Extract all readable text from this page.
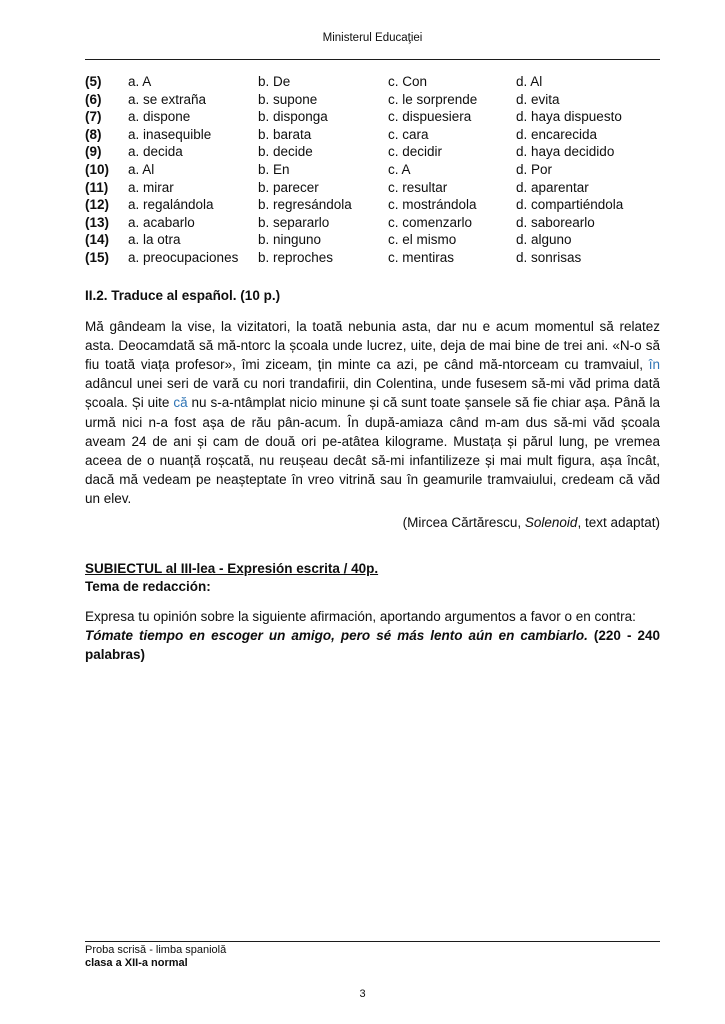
Ministerul Educaţiei
(5)	a. A	b. De	c. Con	d. Al
(6)	a. se extraña	b. supone	c. le sorprende	d. evita
(7)	a. dispone	b. disponga	c. dispuesiera	d. haya dispuesto
(8)	a. inasequible	b. barata	c. cara	d. encarecida
(9)	a. decida	b. decide	c. decidir	d. haya decidido
(10)	a. Al	b. En	c. A	d. Por
(11)	a. mirar	b. parecer	c. resultar	d. aparentar
(12)	a. regalándola	b. regresándola	c. mostrándola	d. compartiéndola
(13)	a. acabarlo	b. separarlo	c. comenzarlo	d. saborearlo
(14)	a. la otra	b. ninguno	c. el mismo	d. alguno
(15)	a. preocupaciones	b. reproches	c. mentiras	d. sonrisas
II.2. Traduce al español. (10 p.)
Mă gândeam la vise, la vizitatori, la toată nebunia asta, dar nu e acum momentul să relatez asta. Deocamdată să mă-ntorc la școala unde lucrez, uite, deja de mai bine de trei ani. «N-o să fiu toată viața profesor», îmi ziceam, țin minte ca azi, pe când mă-ntorceam cu tramvaiul, în adâncul unei seri de vară cu nori trandafirii, din Colentina, unde fusesem să-mi văd prima dată școala. Și uite că nu s-a-ntâmplat nicio minune și că sunt toate șansele să fie chiar așa. Până la urmă nici n-a fost așa de rău pân-acum. În după-amiaza când m-am dus să-mi văd școala aveam 24 de ani și cam de două ori pe-atâtea kilograme. Mustața și părul lung, pe vremea aceea de o nuanță roșcată, nu reușeau decât să-mi infantilizeze și mai mult figura, așa încât, dacă mă vedeam pe neașteptate în vreo vitrină sau în geamurile tramvaiului, credeam că văd un elev.
(Mircea Cărtărescu, Solenoid, text adaptat)
SUBIECTUL al III-lea - Expresión escrita / 40p.
Tema de redacción:
Expresa tu opinión sobre la siguiente afirmación, aportando argumentos a favor o en contra:
Tómate tiempo en escoger un amigo, pero sé más lento aún en cambiarlo. (220 - 240 palabras)
Proba scrisă - limba spaniolă
clasa a XII-a normal
3
